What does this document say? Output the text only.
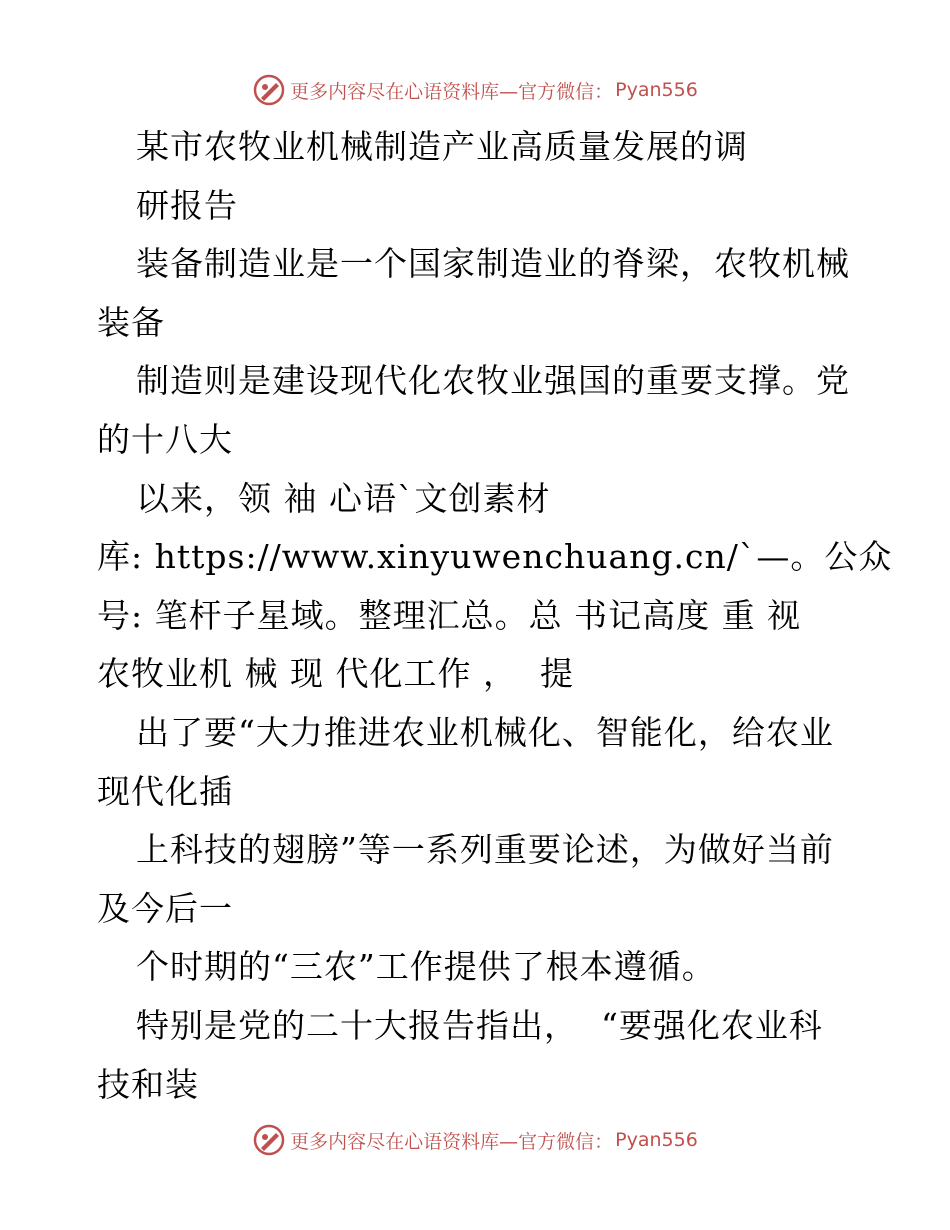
更多内容尽在心语资料库—官方微信： Pyan556
某市农牧业机械制造产业高质量发展的调
研报告
装备制造业是一个国家制造业的脊梁，农牧机械
装备
制造则是建设现代化农牧业强国的重要支撑。党
的十八大
以来，领 袖 心语`文创素材
库: https://www.xinyuwenchuang.cn/`—。公众
号: 笔杆子星域。整理汇总。总 书记高度 重 视
农牧业机 械 现 代化工作 ，  提
出了要“大力推进农业机械化、智能化，给农业
现代化插
上科技的翅膀”等一系列重要论述，为做好当前
及今后一
个时期的“三农”工作提供了根本遵循。
特别是党的二十大报告指出，  “要强化农业科
技和装
更多内容尽在心语资料库—官方微信： Pyan556
